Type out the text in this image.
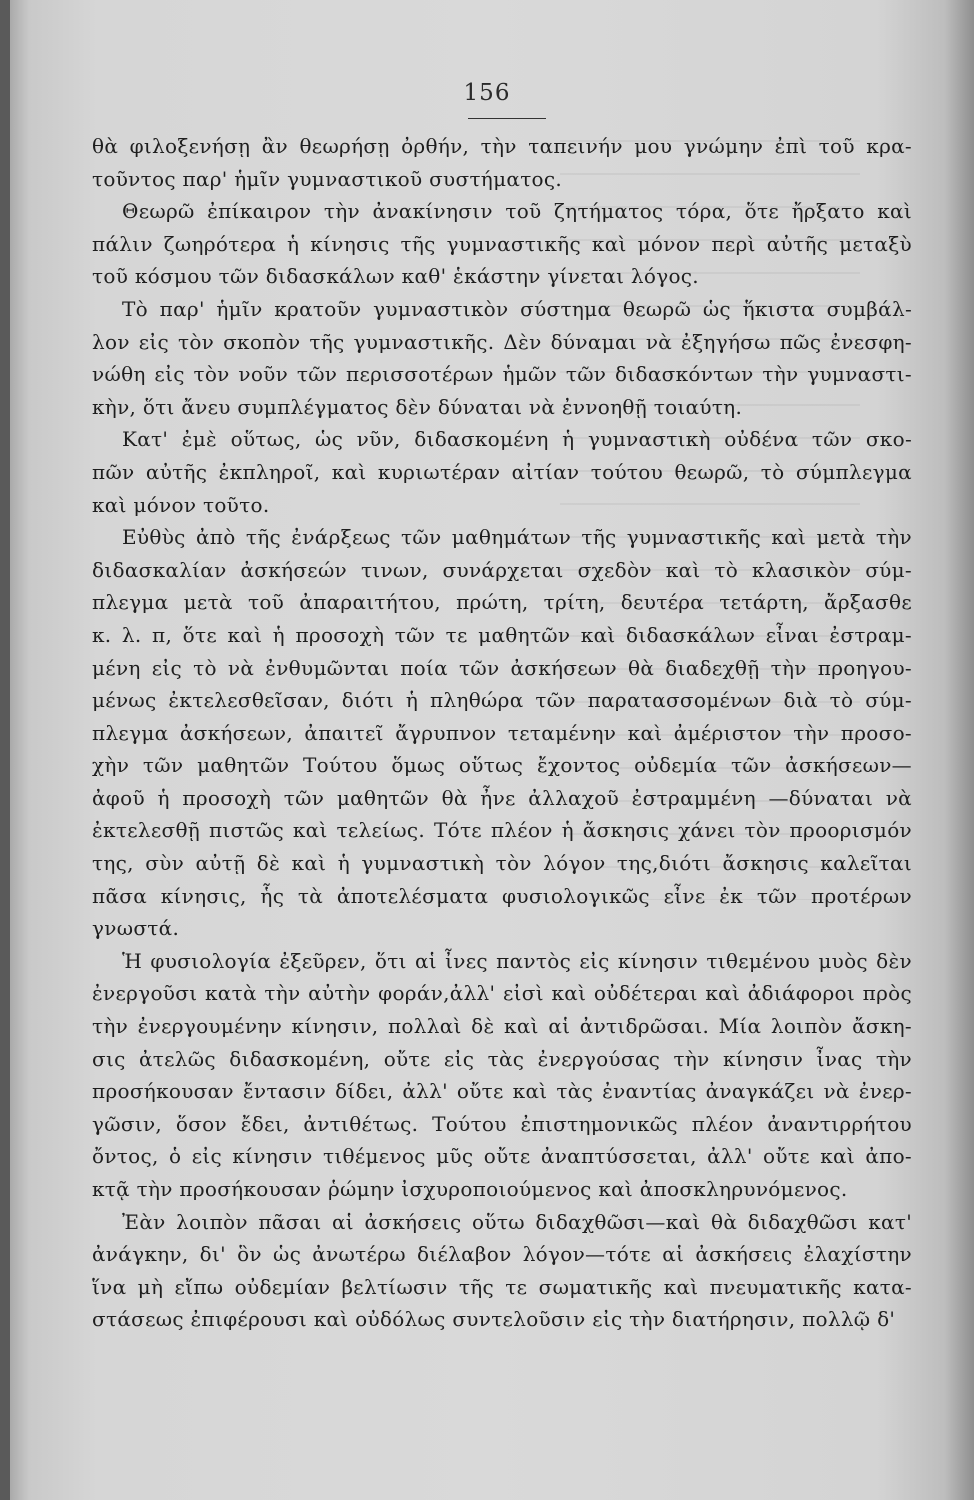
156
θὰ φιλοξενήσῃ ἂν θεωρήσῃ ὀρθήν, τὴν ταπεινήν μου γνώμην ἐπὶ τοῦ κρα-
τοῦντος παρ' ἡμῖν γυμναστικοῦ συστήματος.
Θεωρῶ ἐπίκαιρον τὴν ἀνακίνησιν τοῦ ζητήματος τόρα, ὅτε ἤρξατο καὶ
πάλιν ζωηρότερα ἡ κίνησις τῆς γυμναστικῆς καὶ μόνον περὶ αὐτῆς μεταξὺ
τοῦ κόσμου τῶν διδασκάλων καθ' ἑκάστην γίνεται λόγος.
Τὸ παρ' ἡμῖν κρατοῦν γυμναστικὸν σύστημα θεωρῶ ὡς ἥκιστα συμβάλ-
λον εἰς τὸν σκοπὸν τῆς γυμναστικῆς. Δὲν δύναμαι νὰ ἐξηγήσω πῶς ἐνεσφη-
νώθη εἰς τὸν νοῦν τῶν περισσοτέρων ἡμῶν τῶν διδασκόντων τὴν γυμναστι-
κὴν, ὅτι ἄνευ συμπλέγματος δὲν δύναται νὰ ἐννοηθῇ τοιαύτη.
Κατ' ἐμὲ οὕτως, ὡς νῦν, διδασκομένη ἡ γυμναστικὴ οὐδένα τῶν σκο-
πῶν αὐτῆς ἐκπληροῖ, καὶ κυριωτέραν αἰτίαν τούτου θεωρῶ, τὸ σύμπλεγμα
καὶ μόνον τοῦτο.
Εὐθὺς ἀπὸ τῆς ἐνάρξεως τῶν μαθημάτων τῆς γυμναστικῆς καὶ μετὰ τὴν
διδασκαλίαν ἀσκήσεών τινων, συνάρχεται σχεδὸν καὶ τὸ κλασικὸν σύμ-
πλεγμα μετὰ τοῦ ἀπαραιτήτου, πρώτη, τρίτη, δευτέρα τετάρτη, ἄρξασθε
κ. λ. π, ὅτε καὶ ἡ προσοχὴ τῶν τε μαθητῶν καὶ διδασκάλων εἶναι ἐστραμ-
μένη εἰς τὸ νὰ ἐνθυμῶνται ποία τῶν ἀσκήσεων θὰ διαδεχθῇ τὴν προηγου-
μένως ἐκτελεσθεῖσαν, διότι ἡ πληθώρα τῶν παρατασσομένων διὰ τὸ σύμ-
πλεγμα ἀσκήσεων, ἀπαιτεῖ ἄγρυπνον τεταμένην καὶ ἀμέριστον τὴν προσο-
χὴν τῶν μαθητῶν Τούτου ὅμως οὕτως ἔχοντος οὐδεμία τῶν ἀσκήσεων—
ἀφοῦ ἡ προσοχὴ τῶν μαθητῶν θὰ ἦνε ἀλλαχοῦ ἐστραμμένη —δύναται νὰ
ἐκτελεσθῇ πιστῶς καὶ τελείως. Τότε πλέον ἡ ἄσκησις χάνει τὸν προορισμόν
της, σὺν αὐτῇ δὲ καὶ ἡ γυμναστικὴ τὸν λόγον της,διότι ἄσκησις καλεῖται
πᾶσα κίνησις, ἧς τὰ ἀποτελέσματα φυσιολογικῶς εἶνε ἐκ τῶν προτέρων
γνωστά.
Ἡ φυσιολογία ἐξεῦρεν, ὅτι αἱ ἶνες παντὸς εἰς κίνησιν τιθεμένου μυὸς δὲν
ἐνεργοῦσι κατὰ τὴν αὐτὴν φοράν,ἀλλ' εἰσὶ καὶ οὐδέτεραι καὶ ἀδιάφοροι πρὸς
τὴν ἐνεργουμένην κίνησιν, πολλαὶ δὲ καὶ αἱ ἀντιδρῶσαι. Μία λοιπὸν ἄσκη-
σις ἀτελῶς διδασκομένη, οὔτε εἰς τὰς ἐνεργούσας τὴν κίνησιν ἶνας τὴν
προσήκουσαν ἔντασιν δίδει, ἀλλ' οὔτε καὶ τὰς ἐναντίας ἀναγκάζει νὰ ἐνερ-
γῶσιν, ὅσον ἔδει, ἀντιθέτως. Τούτου ἐπιστημονικῶς πλέον ἀναντιρρήτου
ὄντος, ὁ εἰς κίνησιν τιθέμενος μῦς οὔτε ἀναπτύσσεται, ἀλλ' οὔτε καὶ ἀπο-
κτᾷ τὴν προσήκουσαν ῥώμην ἰσχυροποιούμενος καὶ ἀποσκληρυνόμενος.
Ἐὰν λοιπὸν πᾶσαι αἱ ἀσκήσεις οὕτω διδαχθῶσι—καὶ θὰ διδαχθῶσι κατ'
ἀνάγκην, δι' ὃν ὡς ἀνωτέρω διέλαβον λόγον—τότε αἱ ἀσκήσεις ἐλαχίστην
ἵνα μὴ εἴπω οὐδεμίαν βελτίωσιν τῆς τε σωματικῆς καὶ πνευματικῆς κατα-
στάσεως ἐπιφέρουσι καὶ οὐδόλως συντελοῦσιν εἰς τὴν διατήρησιν, πολλῷ δ'
